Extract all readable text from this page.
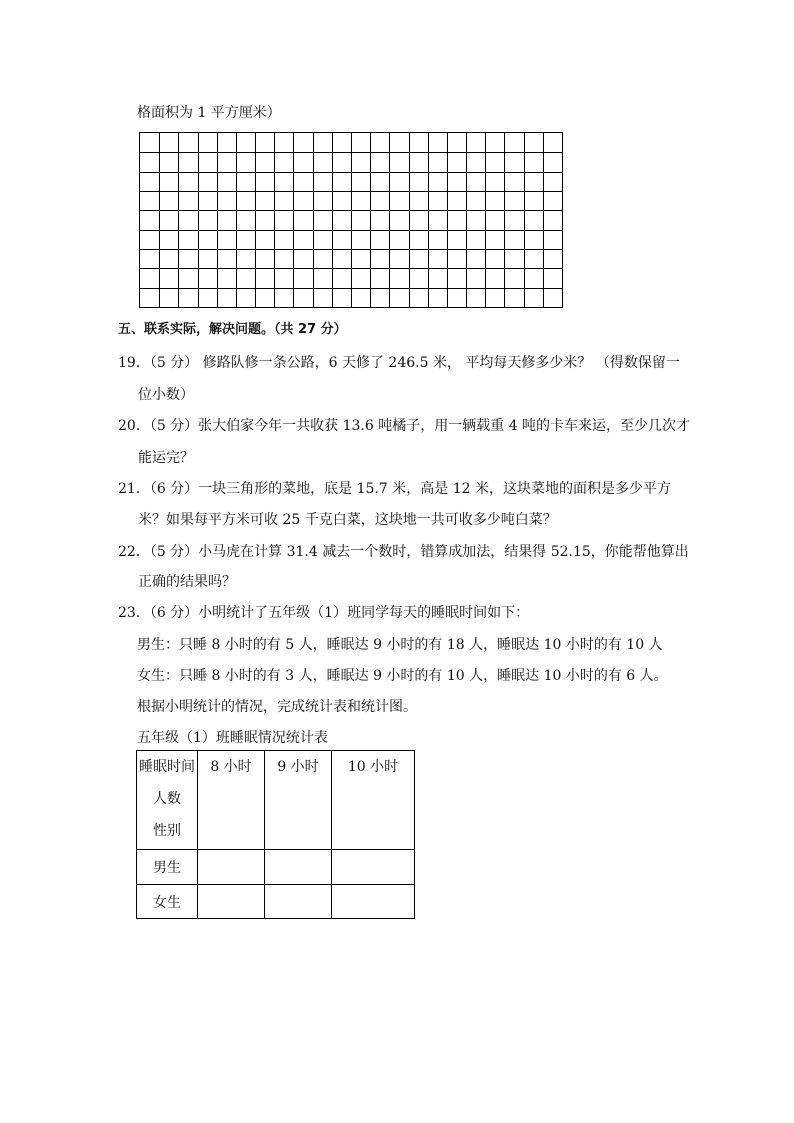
格面积为 1 平方厘米）
五、联系实际，解决问题。（共 27 分）
19．（5 分） 修路队修一条公路，6 天修了 246.5 米， 平均每天修多少米？ （得数保留一
位小数）
20．（5 分）张大伯家今年一共收获 13.6 吨橘子，用一辆载重 4 吨的卡车来运，至少几次才
能运完？
21．（6 分）一块三角形的菜地，底是 15.7 米，高是 12 米，这块菜地的面积是多少平方
米？如果每平方米可收 25 千克白菜，这块地一共可收多少吨白菜？
22．（5 分）小马虎在计算 31.4 减去一个数时，错算成加法，结果得 52.15，你能帮他算出
正确的结果吗？
23．（6 分）小明统计了五年级（1）班同学每天的睡眠时间如下：
男生：只睡 8 小时的有 5 人，睡眠达 9 小时的有 18 人，睡眠达 10 小时的有 10 人
女生：只睡 8 小时的有 3 人，睡眠达 9 小时的有 10 人，睡眠达 10 小时的有 6 人。
根据小明统计的情况，完成统计表和统计图。
五年级（1）班睡眠情况统计表
睡眠时间
人数
性别	8 小时	9 小时	10 小时
男生			
女生			
